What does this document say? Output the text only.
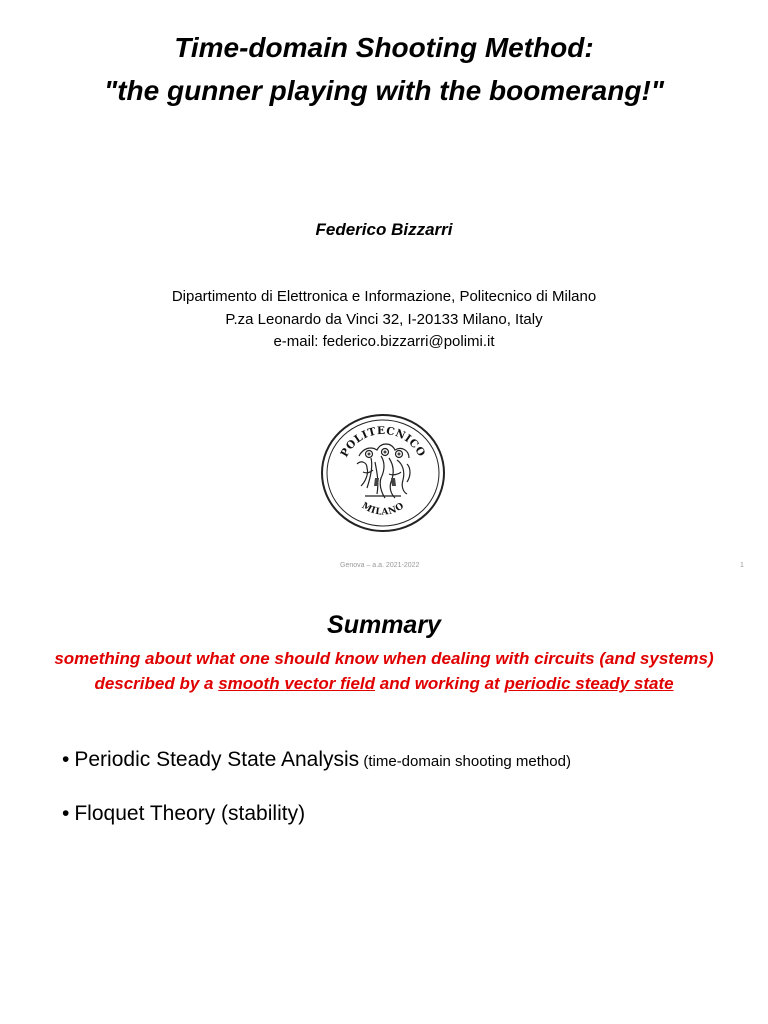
Time-domain Shooting Method:
"the gunner playing with the boomerang!"
Federico Bizzarri
Dipartimento di Elettronica e Informazione, Politecnico di Milano
P.za Leonardo da Vinci 32, I-20133 Milano, Italy
e-mail: federico.bizzarri@polimi.it
POLITECNICO
MILANO
Genova – a.a. 2021-2022	1
Summary
something about what one should know when dealing with circuits (and systems)
described by a smooth vector field and working at periodic steady state
• Periodic Steady State Analysis (time-domain shooting method)
• Floquet Theory (stability)
